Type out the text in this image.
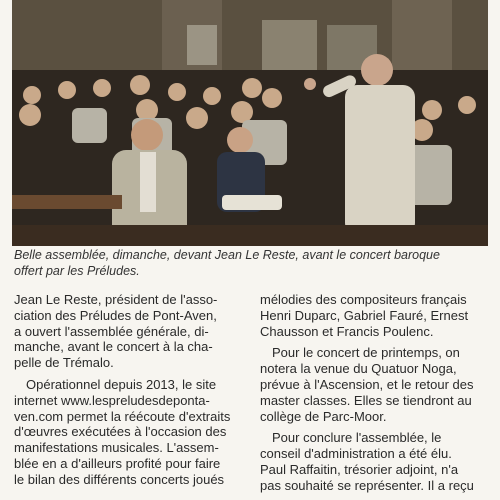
Belle assemblée, dimanche, devant Jean Le Reste, avant le concert baroque
offert par les Préludes.

Jean Le Reste, président de l'asso-

ciation des Préludes de Pont-Aven,

a ouvert l'assemblée générale, di-

manche, avant le concert à la cha-

pelle de Trémalo.

Opérationnel depuis 2013, le site

internet www.lespreludesdepontа-

ven.com permet la réécoute d'extraits

d'œuvres exécutées à l'occasion des

manifestations musicales. L'assem-

blée en a d'ailleurs profité pour faire

le bilan des différents concerts joués

mélodies des compositeurs français

Henri Duparc, Gabriel Fauré, Ernest

Chausson et Francis Poulenc.

Pour le concert de printemps, on

notera la venue du Quatuor Noga,

prévue à l'Ascension, et le retour des

master classes. Elles se tiendront au

collège de Parc-Moor.

Pour conclure l'assemblée, le

conseil d'administration a été élu.

Paul Raffaitin, trésorier adjoint, n'a

pas souhaité se représenter. Il a reçu
